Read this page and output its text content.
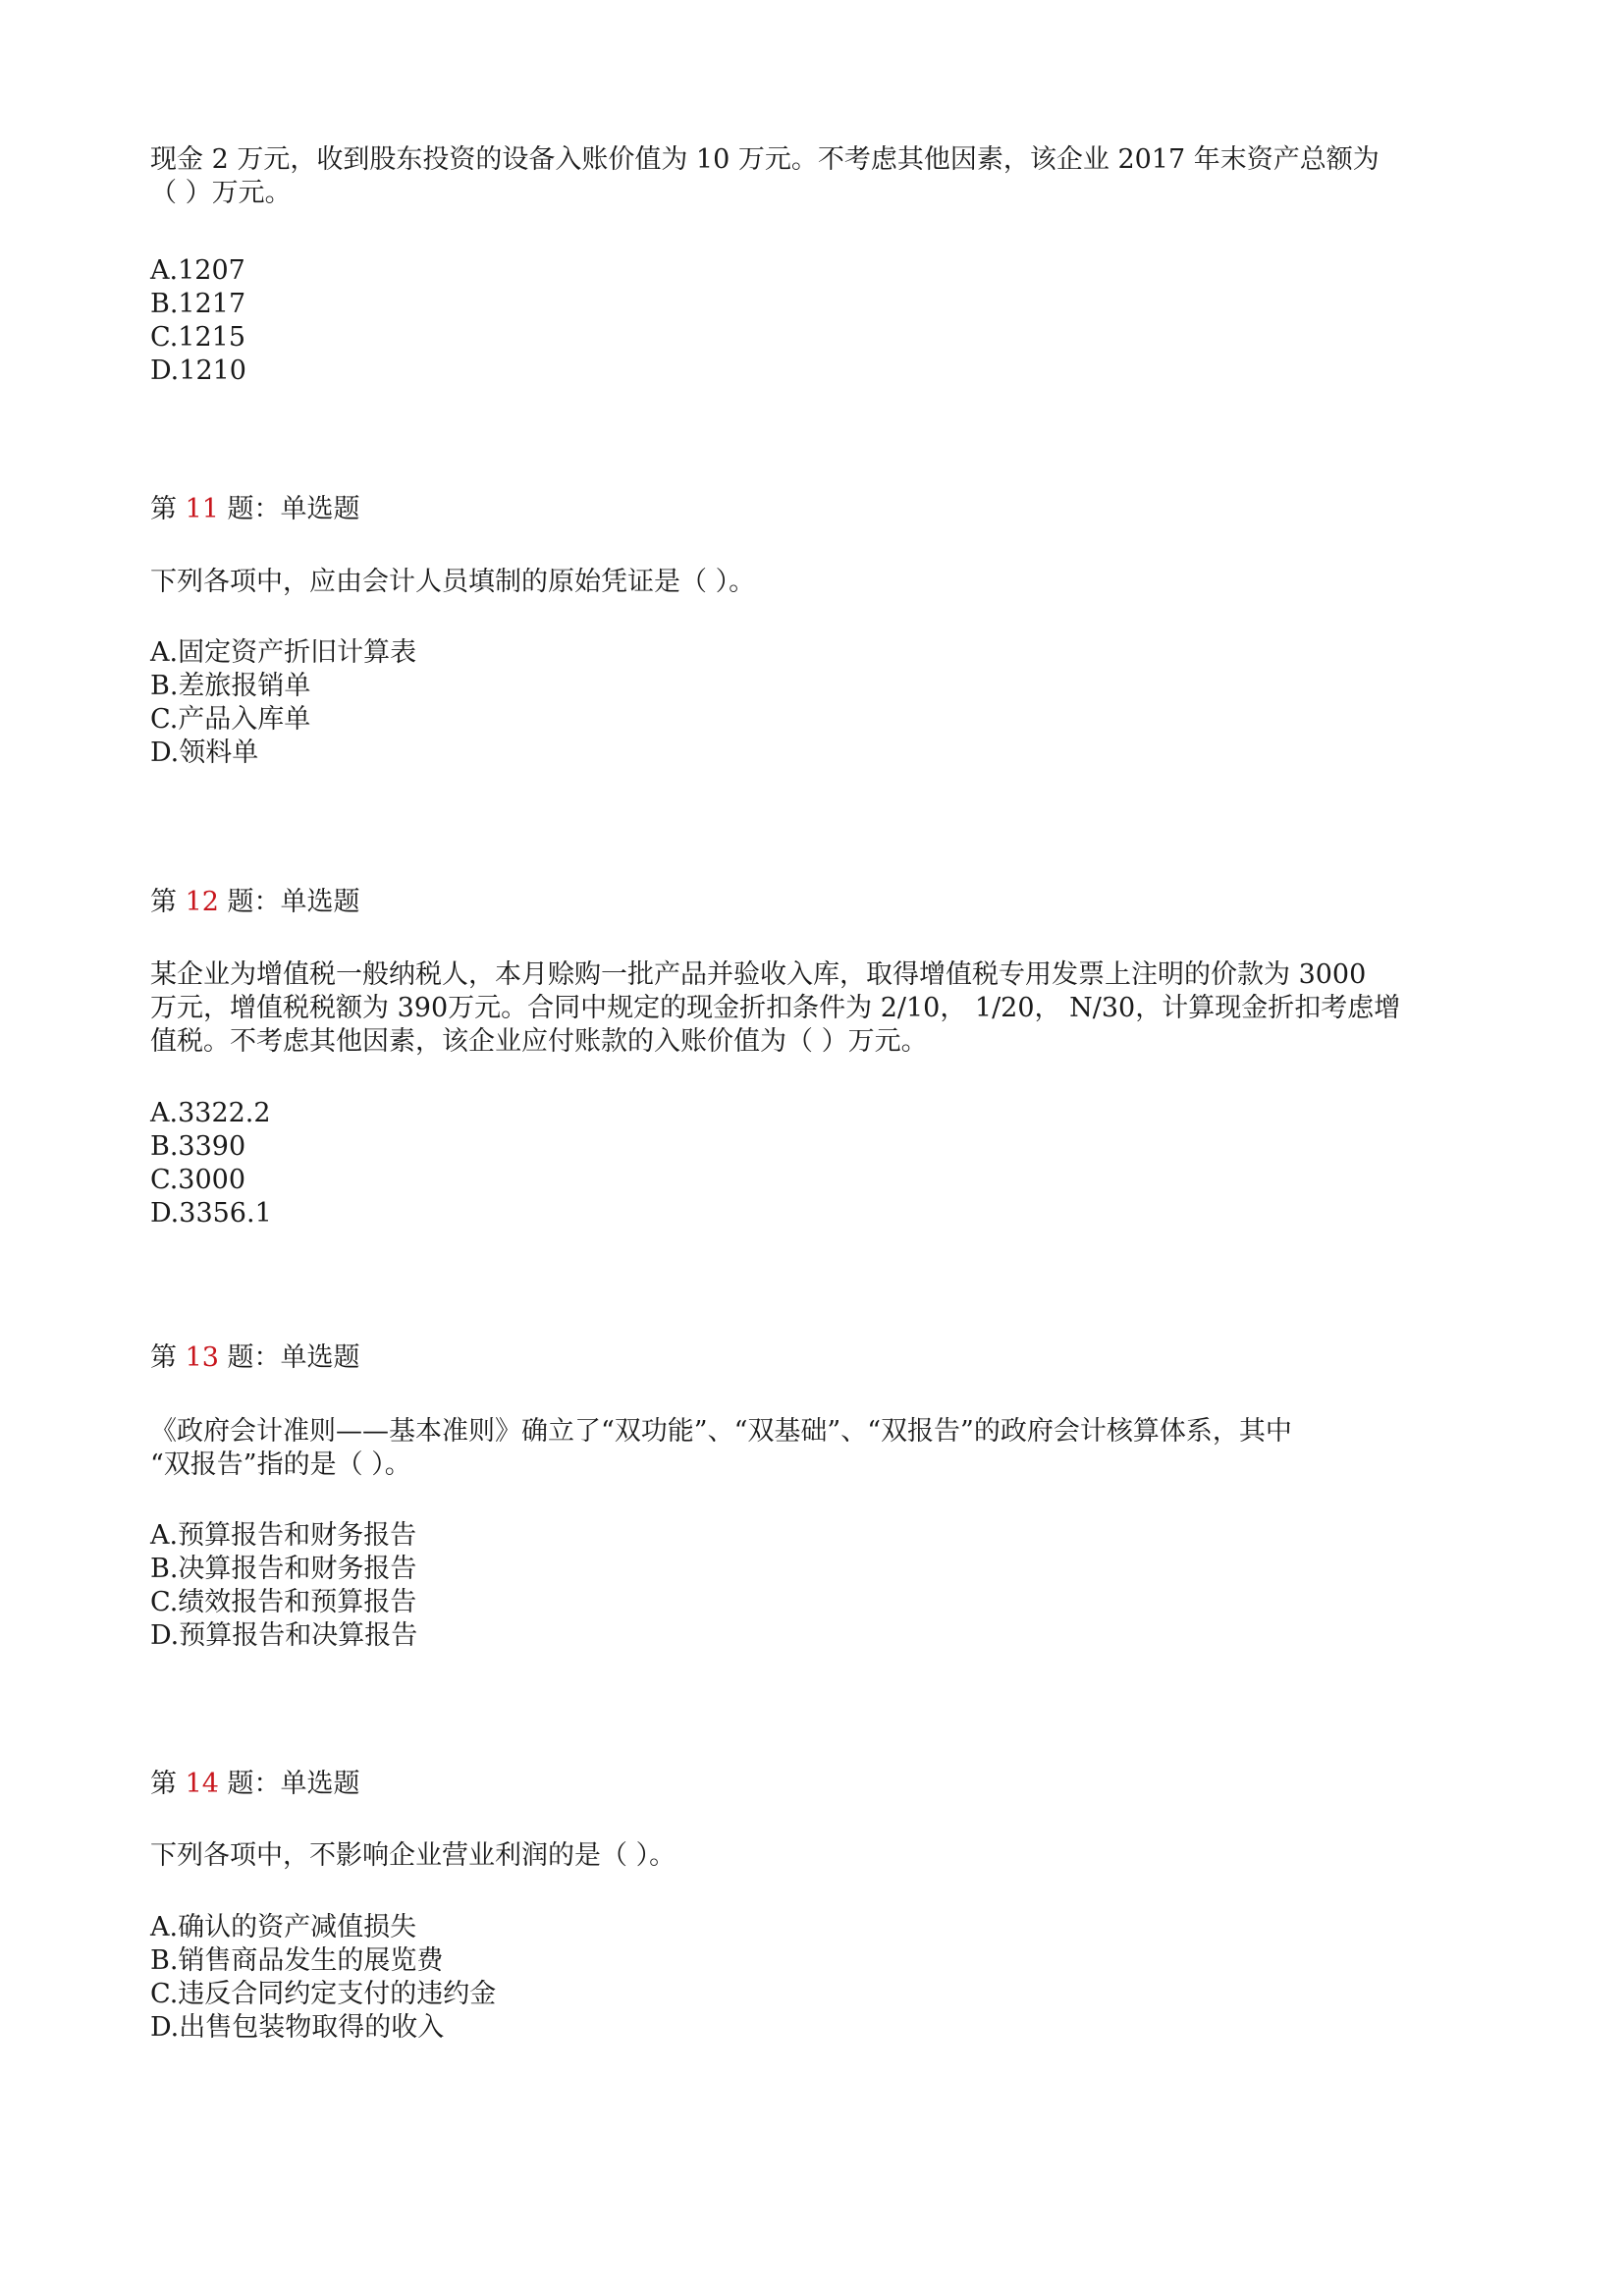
现金 2 万元，收到股东投资的设备入账价值为 10 万元。不考虑其他因素，该企业 2017 年末资产总额为
（ ）万元。
A.1207
B.1217
C.1215
D.1210
第 11 题：单选题
下列各项中，应由会计人员填制的原始凭证是（ ）。
A.固定资产折旧计算表
B.差旅报销单
C.产品入库单
D.领料单
第 12 题：单选题
某企业为增值税一般纳税人，本月赊购一批产品并验收入库，取得增值税专用发票上注明的价款为 3000
万元，增值税税额为 390万元。合同中规定的现金折扣条件为 2/10， 1/20， N/30，计算现金折扣考虑增
值税。不考虑其他因素，该企业应付账款的入账价值为（ ）万元。
A.3322.2
B.3390
C.3000
D.3356.1
第 13 题：单选题
《政府会计准则——基本准则》确立了“双功能”、“双基础”、“双报告”的政府会计核算体系，其中
“双报告”指的是（ ）。
A.预算报告和财务报告
B.决算报告和财务报告
C.绩效报告和预算报告
D.预算报告和决算报告
第 14 题：单选题
下列各项中，不影响企业营业利润的是（ ）。
A.确认的资产减值损失
B.销售商品发生的展览费
C.违反合同约定支付的违约金
D.出售包装物取得的收入
